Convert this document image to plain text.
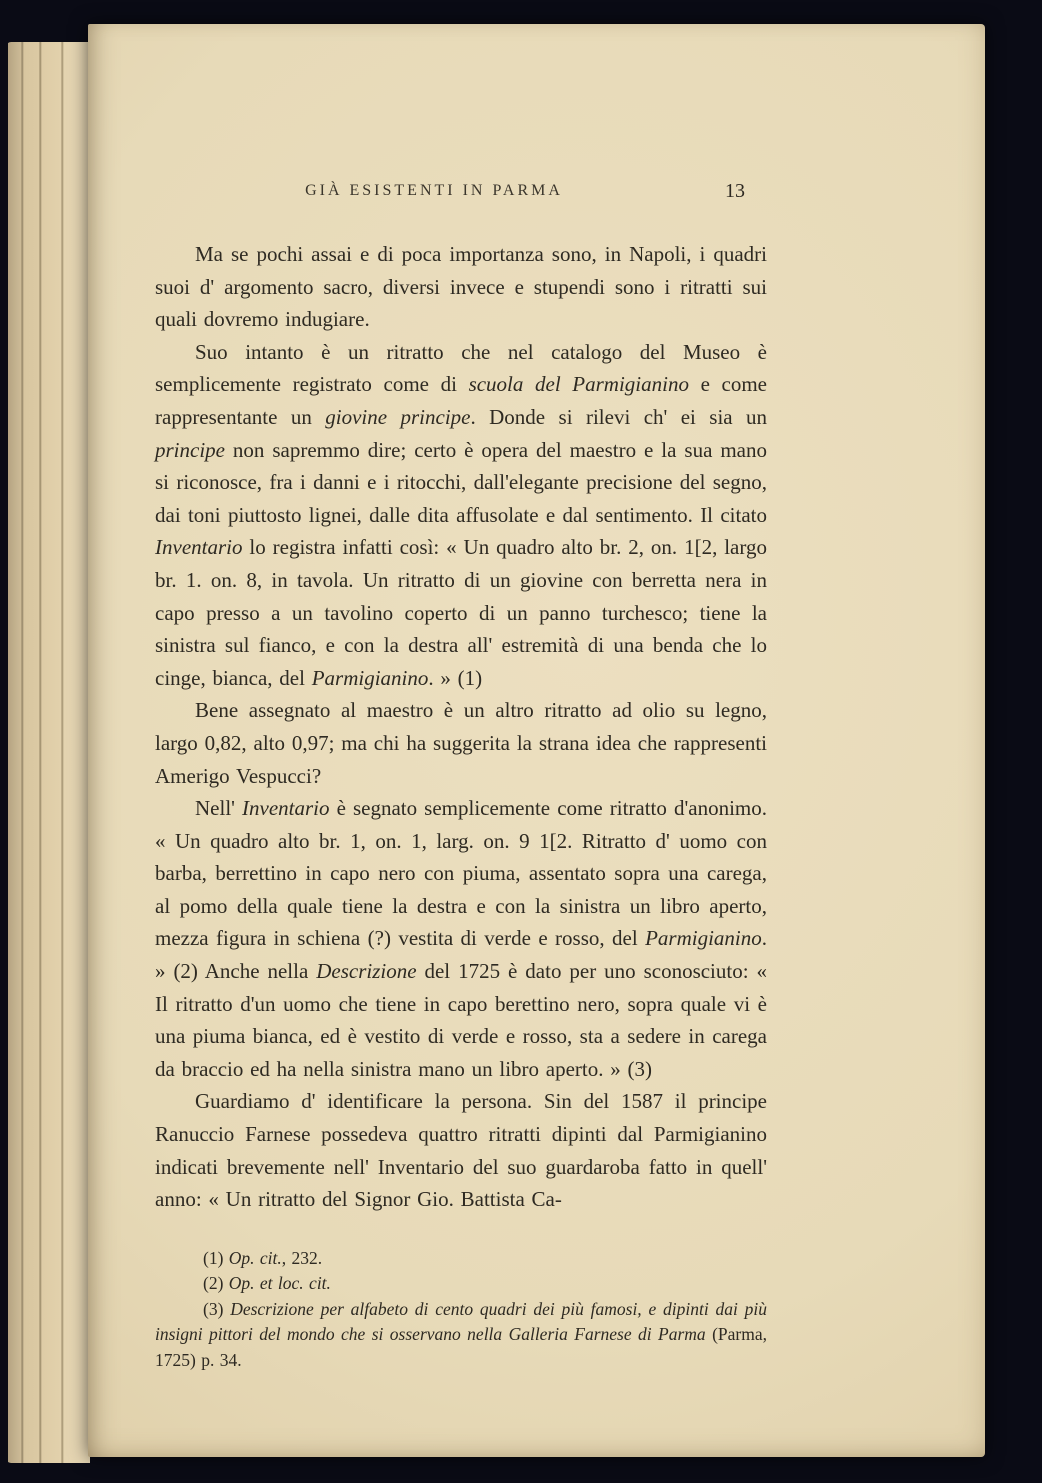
GIÀ ESISTENTI IN PARMA	13

Ma se pochi assai e di poca importanza sono, in Napoli, i quadri suoi d' argomento sacro, diversi invece e stupendi sono i ritratti sui quali dovremo indugiare.

Suo intanto è un ritratto che nel catalogo del Museo è semplicemente registrato come di scuola del Parmigianino e come rappresentante un giovine principe. Donde si rilevi ch' ei sia un principe non sapremmo dire; certo è opera del maestro e la sua mano si riconosce, fra i danni e i ritocchi, dall'elegante precisione del segno, dai toni piuttosto lignei, dalle dita affusolate e dal sentimento. Il citato Inventario lo registra infatti così: « Un quadro alto br. 2, on. 1[2, largo br. 1. on. 8, in tavola. Un ritratto di un giovine con berretta nera in capo presso a un tavolino coperto di un panno turchesco; tiene la sinistra sul fianco, e con la destra all' estremità di una benda che lo cinge, bianca, del Parmigianino. » (1)

Bene assegnato al maestro è un altro ritratto ad olio su legno, largo 0,82, alto 0,97; ma chi ha suggerita la strana idea che rappresenti Amerigo Vespucci?

Nell' Inventario è segnato semplicemente come ritratto d'anonimo. « Un quadro alto br. 1, on. 1, larg. on. 9 1[2. Ritratto d' uomo con barba, berrettino in capo nero con piuma, assentato sopra una carega, al pomo della quale tiene la destra e con la sinistra un libro aperto, mezza figura in schiena (?) vestita di verde e rosso, del Parmigianino. » (2) Anche nella Descrizione del 1725 è dato per uno sconosciuto: « Il ritratto d'un uomo che tiene in capo berettino nero, sopra quale vi è una piuma bianca, ed è vestito di verde e rosso, sta a sedere in carega da braccio ed ha nella sinistra mano un libro aperto. » (3)

Guardiamo d' identificare la persona. Sin del 1587 il principe Ranuccio Farnese possedeva quattro ritratti dipinti dal Parmigianino indicati brevemente nell' Inventario del suo guardaroba fatto in quell' anno: « Un ritratto del Signor Gio. Battista Ca-

(1) Op. cit., 232.

(2) Op. et loc. cit.

(3) Descrizione per alfabeto di cento quadri dei più famosi, e dipinti dai più insigni pittori del mondo che si osservano nella Galleria Farnese di Parma (Parma, 1725) p. 34.
